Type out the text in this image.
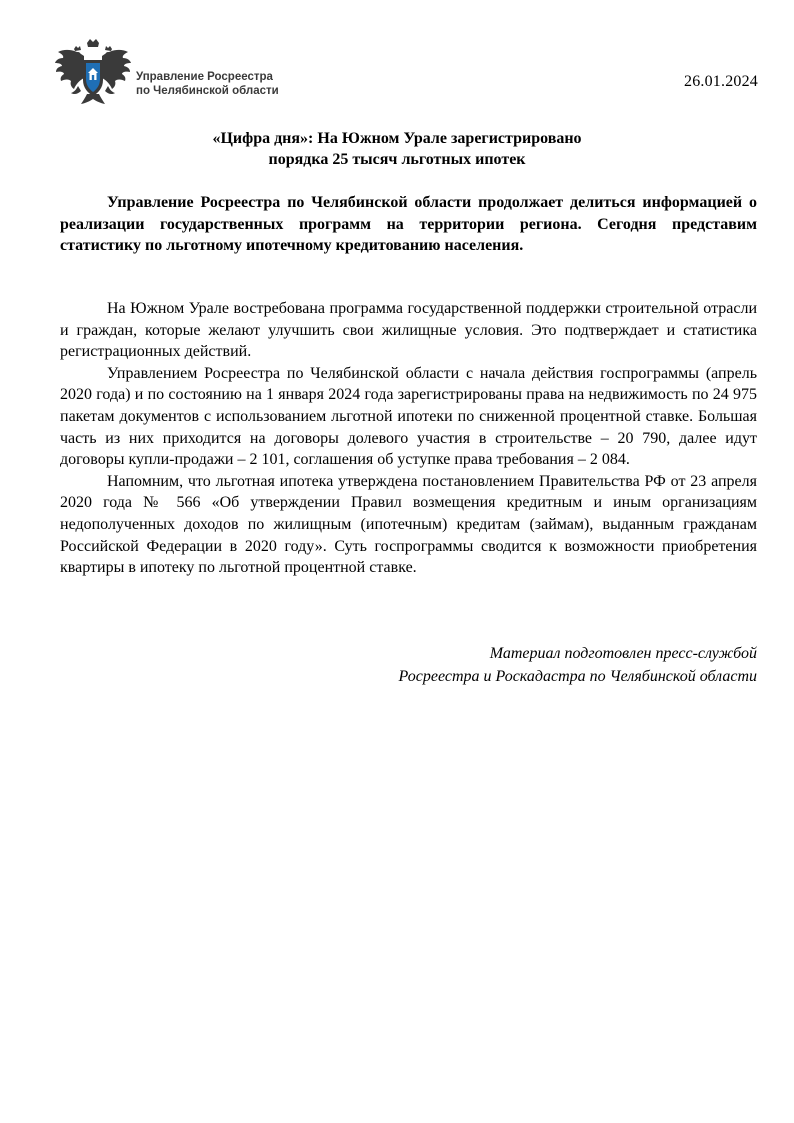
Управление Росреестра
по Челябинской области
26.01.2024
«Цифра дня»: На Южном Урале зарегистрировано
порядка 25 тысяч льготных ипотек
Управление Росреестра по Челябинской области продолжает делиться информацией о реализации государственных программ на территории региона. Сегодня представим статистику по льготному ипотечному кредитованию населения.

На Южном Урале востребована программа государственной поддержки строительной отрасли и граждан, которые желают улучшить свои жилищные условия. Это подтверждает и статистика регистрационных действий.

Управлением Росреестра по Челябинской области с начала действия госпрограммы (апрель 2020 года) и по состоянию на 1 января 2024 года зарегистрированы права на недвижимость по 24 975 пакетам документов с использованием льготной ипотеки по сниженной процентной ставке. Большая часть из них приходится на договоры долевого участия в строительстве – 20 790, далее идут договоры купли-продажи – 2 101, соглашения об уступке права требования – 2 084.

Напомним, что льготная ипотека утверждена постановлением Правительства РФ от 23 апреля 2020 года № 566 «Об утверждении Правил возмещения кредитным и иным организациям недополученных доходов по жилищным (ипотечным) кредитам (займам), выданным гражданам Российской Федерации в 2020 году». Суть госпрограммы сводится к возможности приобретения квартиры в ипотеку по льготной процентной ставке.

Материал подготовлен пресс-службой
Росреестра и Роскадастра по Челябинской области
